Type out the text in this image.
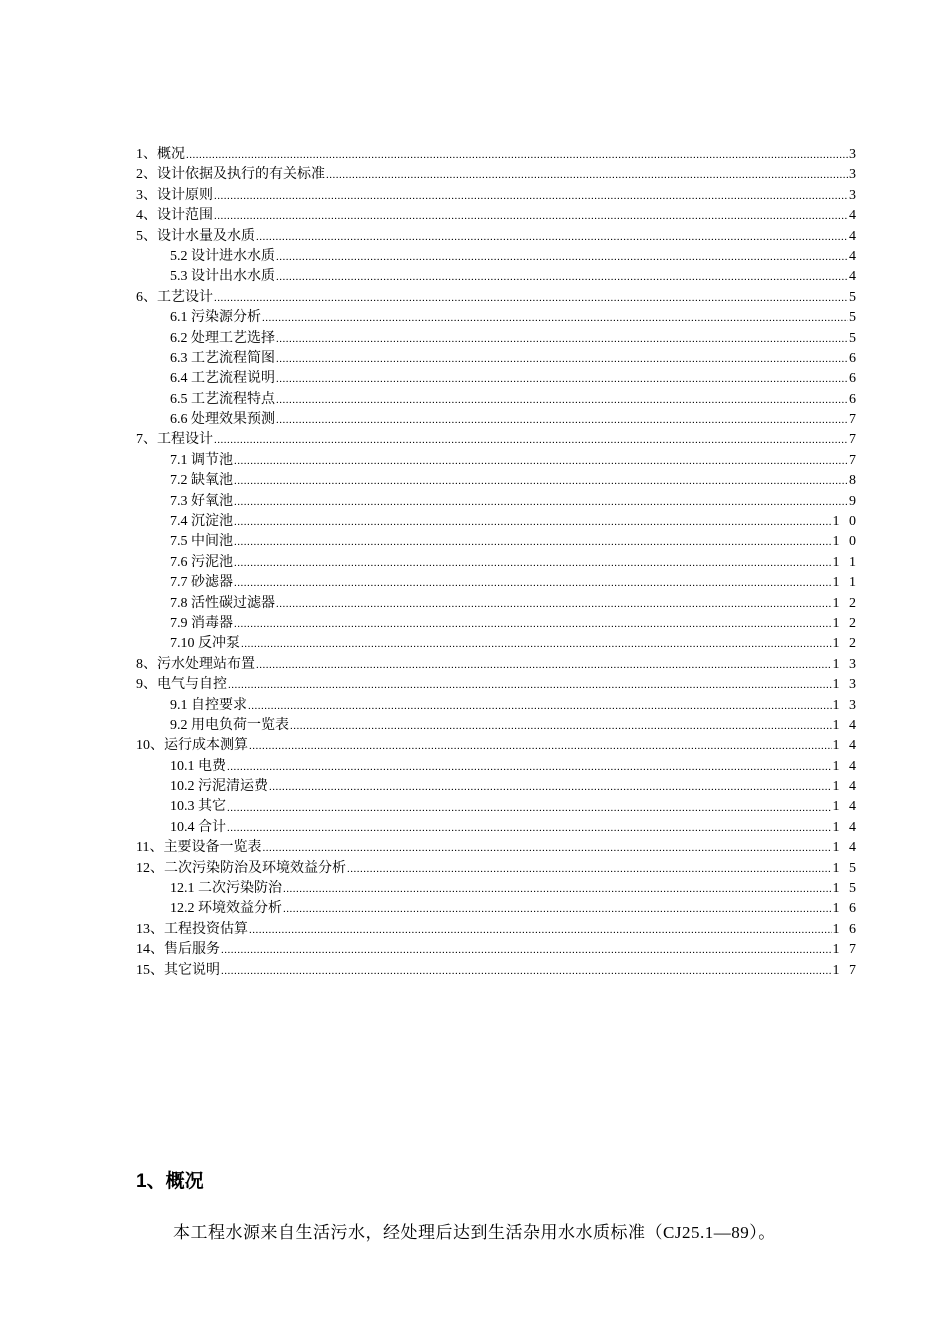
1、概况 .....	3
2、设计依据及执行的有关标准 .....	3
3、设计原则 .....	3
4、设计范围 .....	4
5、设计水量及水质 .....	4
5.2 设计进水水质 .....	4
5.3 设计出水水质 .....	4
6、工艺设计 .....	5
6.1 污染源分析 .....	5
6.2 处理工艺选择 .....	5
6.3 工艺流程简图 .....	6
6.4 工艺流程说明 .....	6
6.5 工艺流程特点 .....	6
6.6 处理效果预测 .....	7
7、工程设计 .....	7
7.1 调节池 .....	7
7.2 缺氧池 .....	8
7.3 好氧池 .....	9
7.4 沉淀池 .....	1 0
7.5 中间池 .....	1 0
7.6 污泥池 .....	1 1
7.7 砂滤器 .....	1 1
7.8 活性碳过滤器 .....	1 2
7.9 消毒器 .....	1 2
7.10 反冲泵 .....	1 2
8、污水处理站布置 .....	1 3
9、电气与自控 .....	1 3
9.1 自控要求 .....	1 3
9.2 用电负荷一览表 .....	1 4
10、运行成本测算 .....	1 4
10.1 电费 .....	1 4
10.2 污泥清运费 .....	1 4
10.3 其它 .....	1 4
10.4 合计 .....	1 4
11、主要设备一览表 .....	1 4
12、二次污染防治及环境效益分析 .....	1 5
12.1 二次污染防治 .....	1 5
12.2 环境效益分析 .....	1 6
13、工程投资估算 .....	1 6
14、售后服务 .....	1 7
15、其它说明 .....	1 7
1、概况

本工程水源来自生活污水，经处理后达到生活杂用水水质标准（CJ25.1—89）。
